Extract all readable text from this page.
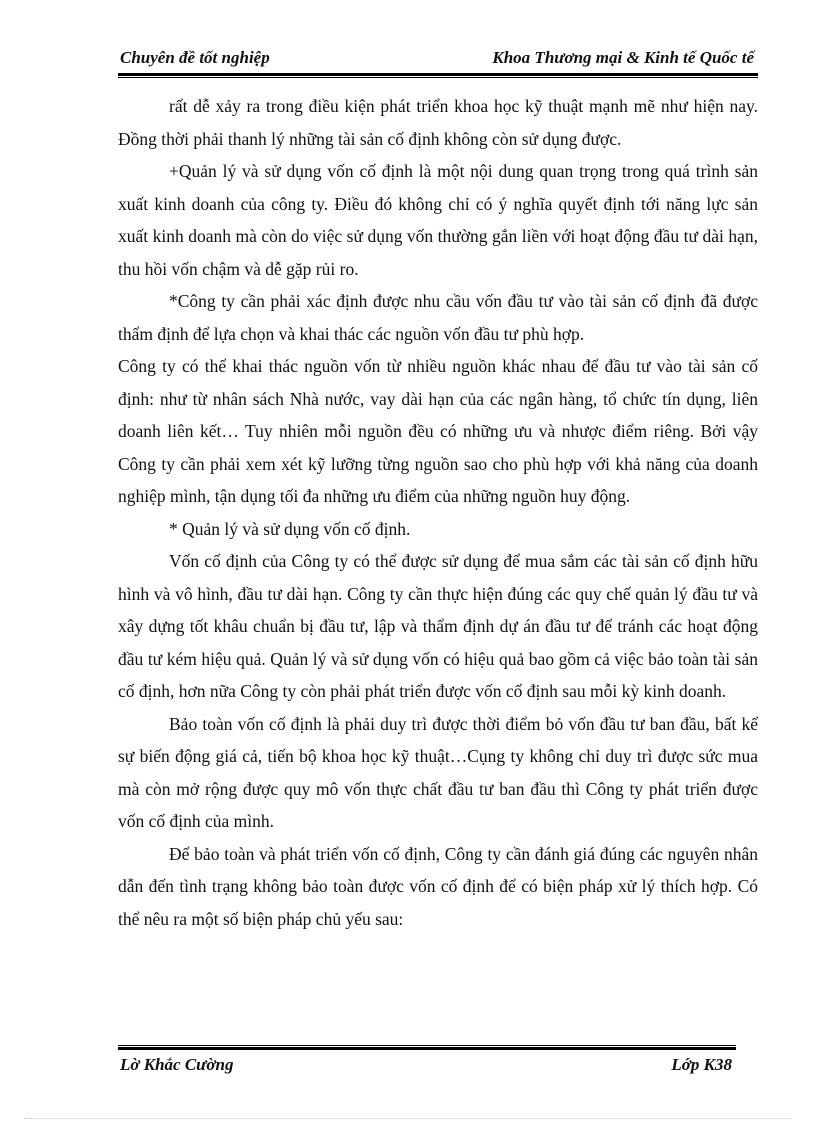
Chuyên đề tốt nghiệp	Khoa Thương mại & Kinh tế Quốc tế

rất dễ xảy ra trong điều kiện phát triển khoa học kỹ thuật mạnh mẽ như hiện nay. Đồng thời phải thanh lý những tài sản cố định không còn sử dụng được.

+Quản lý và sử dụng vốn cố định là một nội dung quan trọng trong quá trình sản xuất kinh doanh của công ty. Điều đó không chỉ có ý nghĩa quyết định tới năng lực sản xuất kinh doanh mà còn do việc sử dụng vốn thường gắn liền với hoạt động đầu tư dài hạn, thu hồi vốn chậm và dễ gặp rủi ro.

*Công ty cần phải xác định được nhu cầu vốn đầu tư vào tài sản cố định đã được thẩm định để lựa chọn và khai thác các nguồn vốn đầu tư phù hợp.

Công ty có thể khai thác nguồn vốn từ nhiều nguồn khác nhau để đầu tư vào tài sản cố định: như từ nhân sách Nhà nước, vay dài hạn của các ngân hàng, tổ chức tín dụng, liên doanh liên kết… Tuy nhiên mỗi nguồn đều có những ưu và nhược điểm riêng. Bởi vậy Công ty cần phải xem xét kỹ lưỡng từng nguồn sao cho phù hợp với khả năng của doanh nghiệp mình, tận dụng tối đa những ưu điểm của những nguồn huy động.

* Quản lý và sử dụng vốn cố định.

Vốn cố định của Công ty có thể được sử dụng để mua sắm các tài sản cố định hữu hình và vô hình, đầu tư dài hạn. Công ty cần thực hiện đúng các quy chế quản lý đầu tư và xây dựng tốt khâu chuẩn bị đầu tư, lập và thẩm định dự án đầu tư để tránh các hoạt động đầu tư kém hiệu quả. Quản lý và sử dụng vốn có hiệu quả bao gồm cả việc bảo toàn tài sản cố định, hơn nữa Công ty còn phải phát triển được vốn cố định sau mỗi kỳ kinh doanh.

Bảo toàn vốn cố định là phải duy trì được thời điểm bỏ vốn đầu tư ban đầu, bất kể sự biến động giá cả, tiến bộ khoa học kỹ thuật…Cụng ty không chỉ duy trì được sức mua mà còn mở rộng được quy mô vốn thực chất đầu tư ban đầu thì Công ty phát triển được vốn cố định của mình.

Để bảo toàn và phát triển vốn cố định, Công ty cần đánh giá đúng các nguyên nhân dẫn đến tình trạng không bảo toàn được vốn cố định để có biện pháp xử lý thích hợp. Có thể nêu ra một số biện pháp chủ yếu sau:

Lờ Khắc Cường	Lớp K38
